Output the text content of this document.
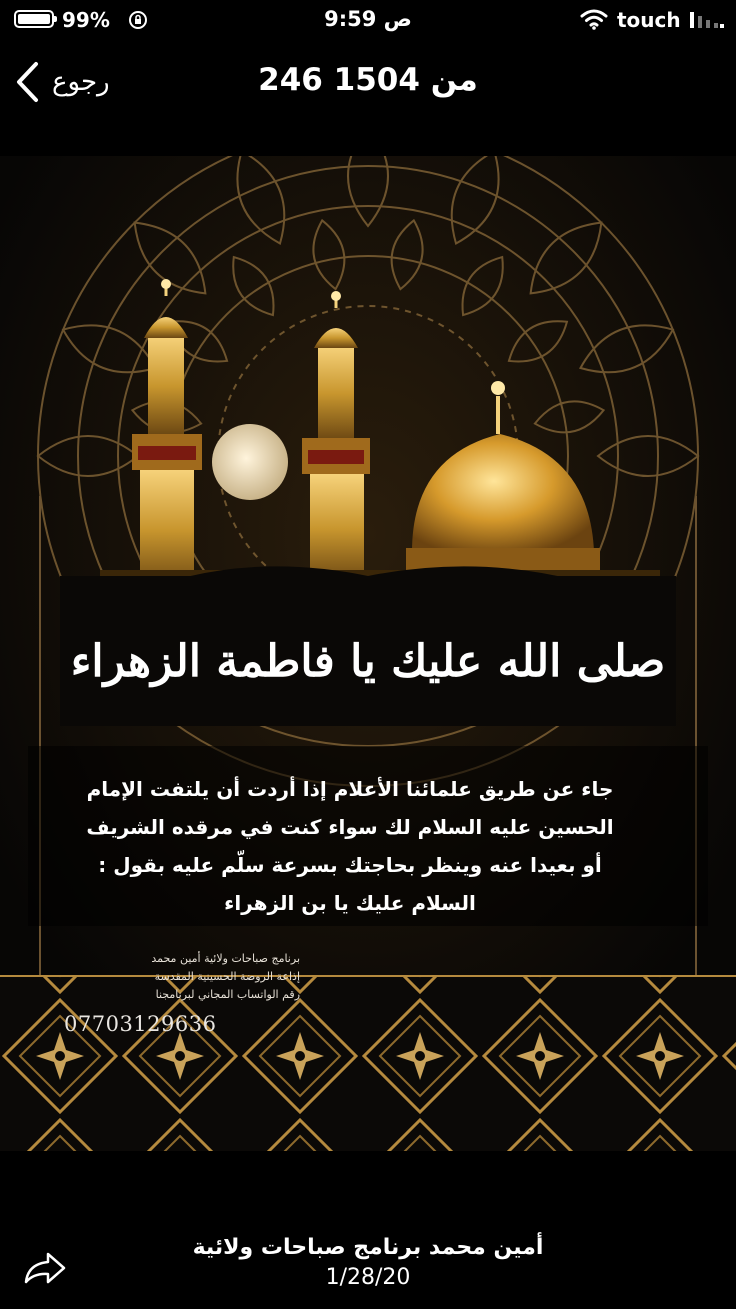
99%	9:59 ص	touch
رجوع	246 من 1504
صلى الله عليك يا فاطمة الزهراء
جاء عن طريق علمائنا الأعلام إذا أردت أن يلتفت الإمام
الحسين عليه السلام لك سواء كنت في مرقده الشريف
أو بعيدا عنه وينظر بحاجتك بسرعة سلّم عليه بقول :
السلام عليك يا بن الزهراء
برنامج صباحات ولائية أمين محمد
إذاعة الروضة الحسينية المقدسة
رقم الواتساب المجاني لبرنامجنا
07703129636
أمين محمد برنامج صباحات ولائية
1/28/20
